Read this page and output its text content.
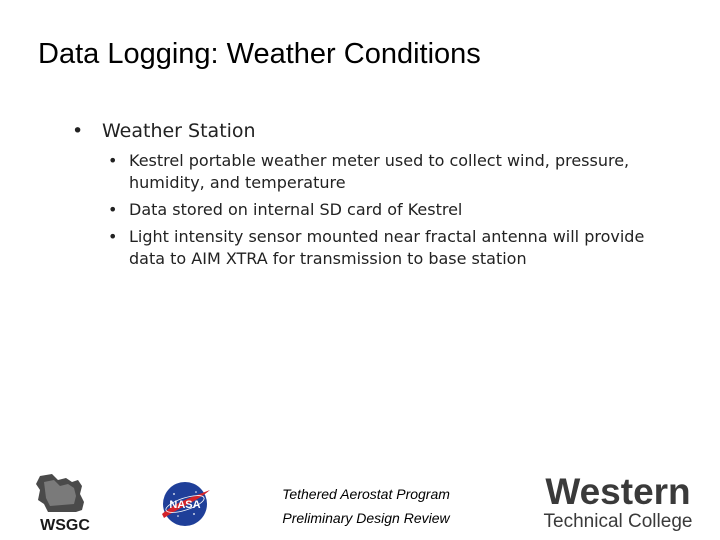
Data Logging: Weather Conditions
• Weather Station
• Kestrel portable weather meter used to collect wind, pressure, humidity, and temperature
• Data stored on internal SD card of Kestrel
• Light intensity sensor mounted near fractal antenna will provide data to AIM XTRA for transmission to base station
WSGC
NASA
Tethered Aerostat Program
Preliminary Design Review
Western
Technical College
